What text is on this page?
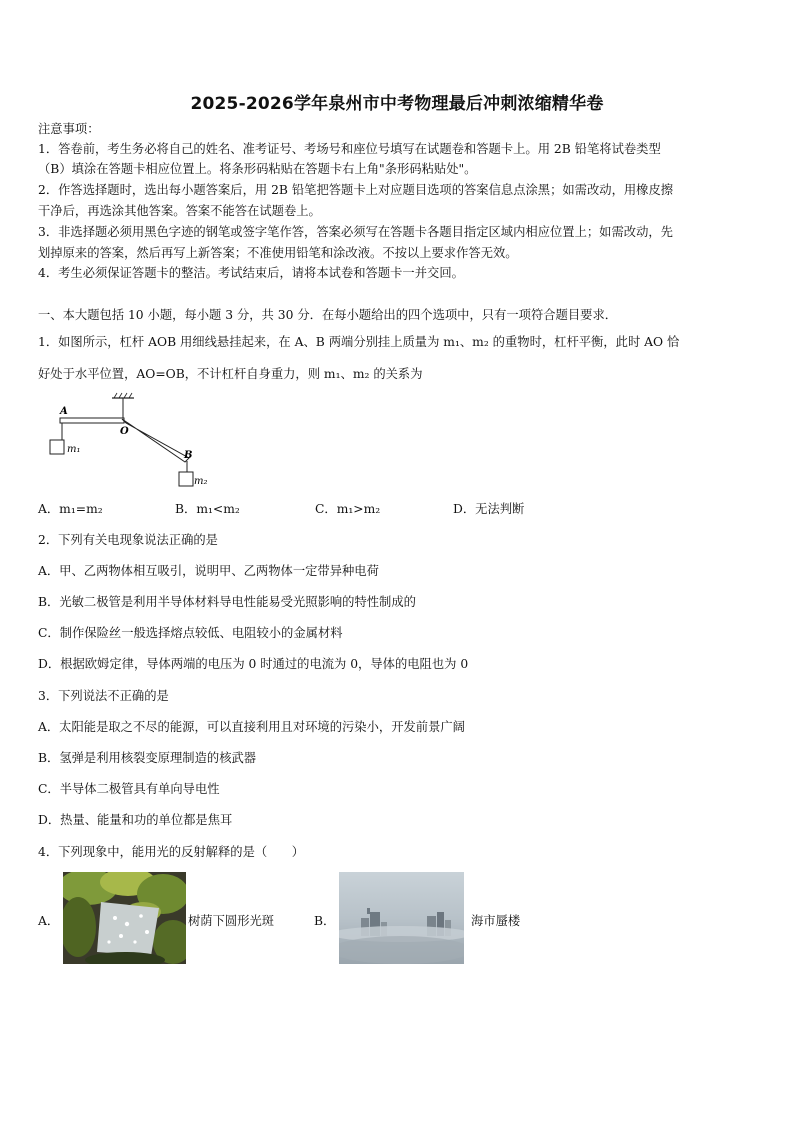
2025-2026学年泉州市中考物理最后冲刺浓缩精华卷
注意事项：
1．答卷前，考生务必将自己的姓名、准考证号、考场号和座位号填写在试题卷和答题卡上。用 2B 铅笔将试卷类型
（B）填涂在答题卡相应位置上。将条形码粘贴在答题卡右上角"条形码粘贴处"。
2．作答选择题时，选出每小题答案后，用 2B 铅笔把答题卡上对应题目选项的答案信息点涂黑；如需改动，用橡皮擦
干净后，再选涂其他答案。答案不能答在试题卷上。
3．非选择题必须用黑色字迹的钢笔或签字笔作答，答案必须写在答题卡各题目指定区域内相应位置上；如需改动，先
划掉原来的答案，然后再写上新答案；不准使用铅笔和涂改液。不按以上要求作答无效。
4．考生必须保证答题卡的整洁。考试结束后，请将本试卷和答题卡一并交回。
一、本大题包括 10 小题，每小题 3 分，共 30 分．在每小题给出的四个选项中，只有一项符合题目要求．
1．如图所示，杠杆 AOB 用细线悬挂起来，在 A、B 两端分别挂上质量为 m₁、m₂ 的重物时，杠杆平衡，此时 AO 恰
好处于水平位置，AO=OB，不计杠杆自身重力，则 m₁、m₂ 的关系为
A
O
B
m₁
m₂
A．m₁=m₂	B．m₁<m₂	C．m₁>m₂	D．无法判断
2．下列有关电现象说法正确的是
A．甲、乙两物体相互吸引，说明甲、乙两物体一定带异种电荷
B．光敏二极管是利用半导体材料导电性能易受光照影响的特性制成的
C．制作保险丝一般选择熔点较低、电阻较小的金属材料
D．根据欧姆定律，导体两端的电压为 0 时通过的电流为 0，导体的电阻也为 0
3．下列说法不正确的是
A．太阳能是取之不尽的能源，可以直接利用且对环境的污染小，开发前景广阔
B．氢弹是利用核裂变原理制造的核武器
C．半导体二极管具有单向导电性
D．热量、能量和功的单位都是焦耳
4．下列现象中，能用光的反射解释的是（　　）
A．	树荫下圆形光斑	B．	海市蜃楼
